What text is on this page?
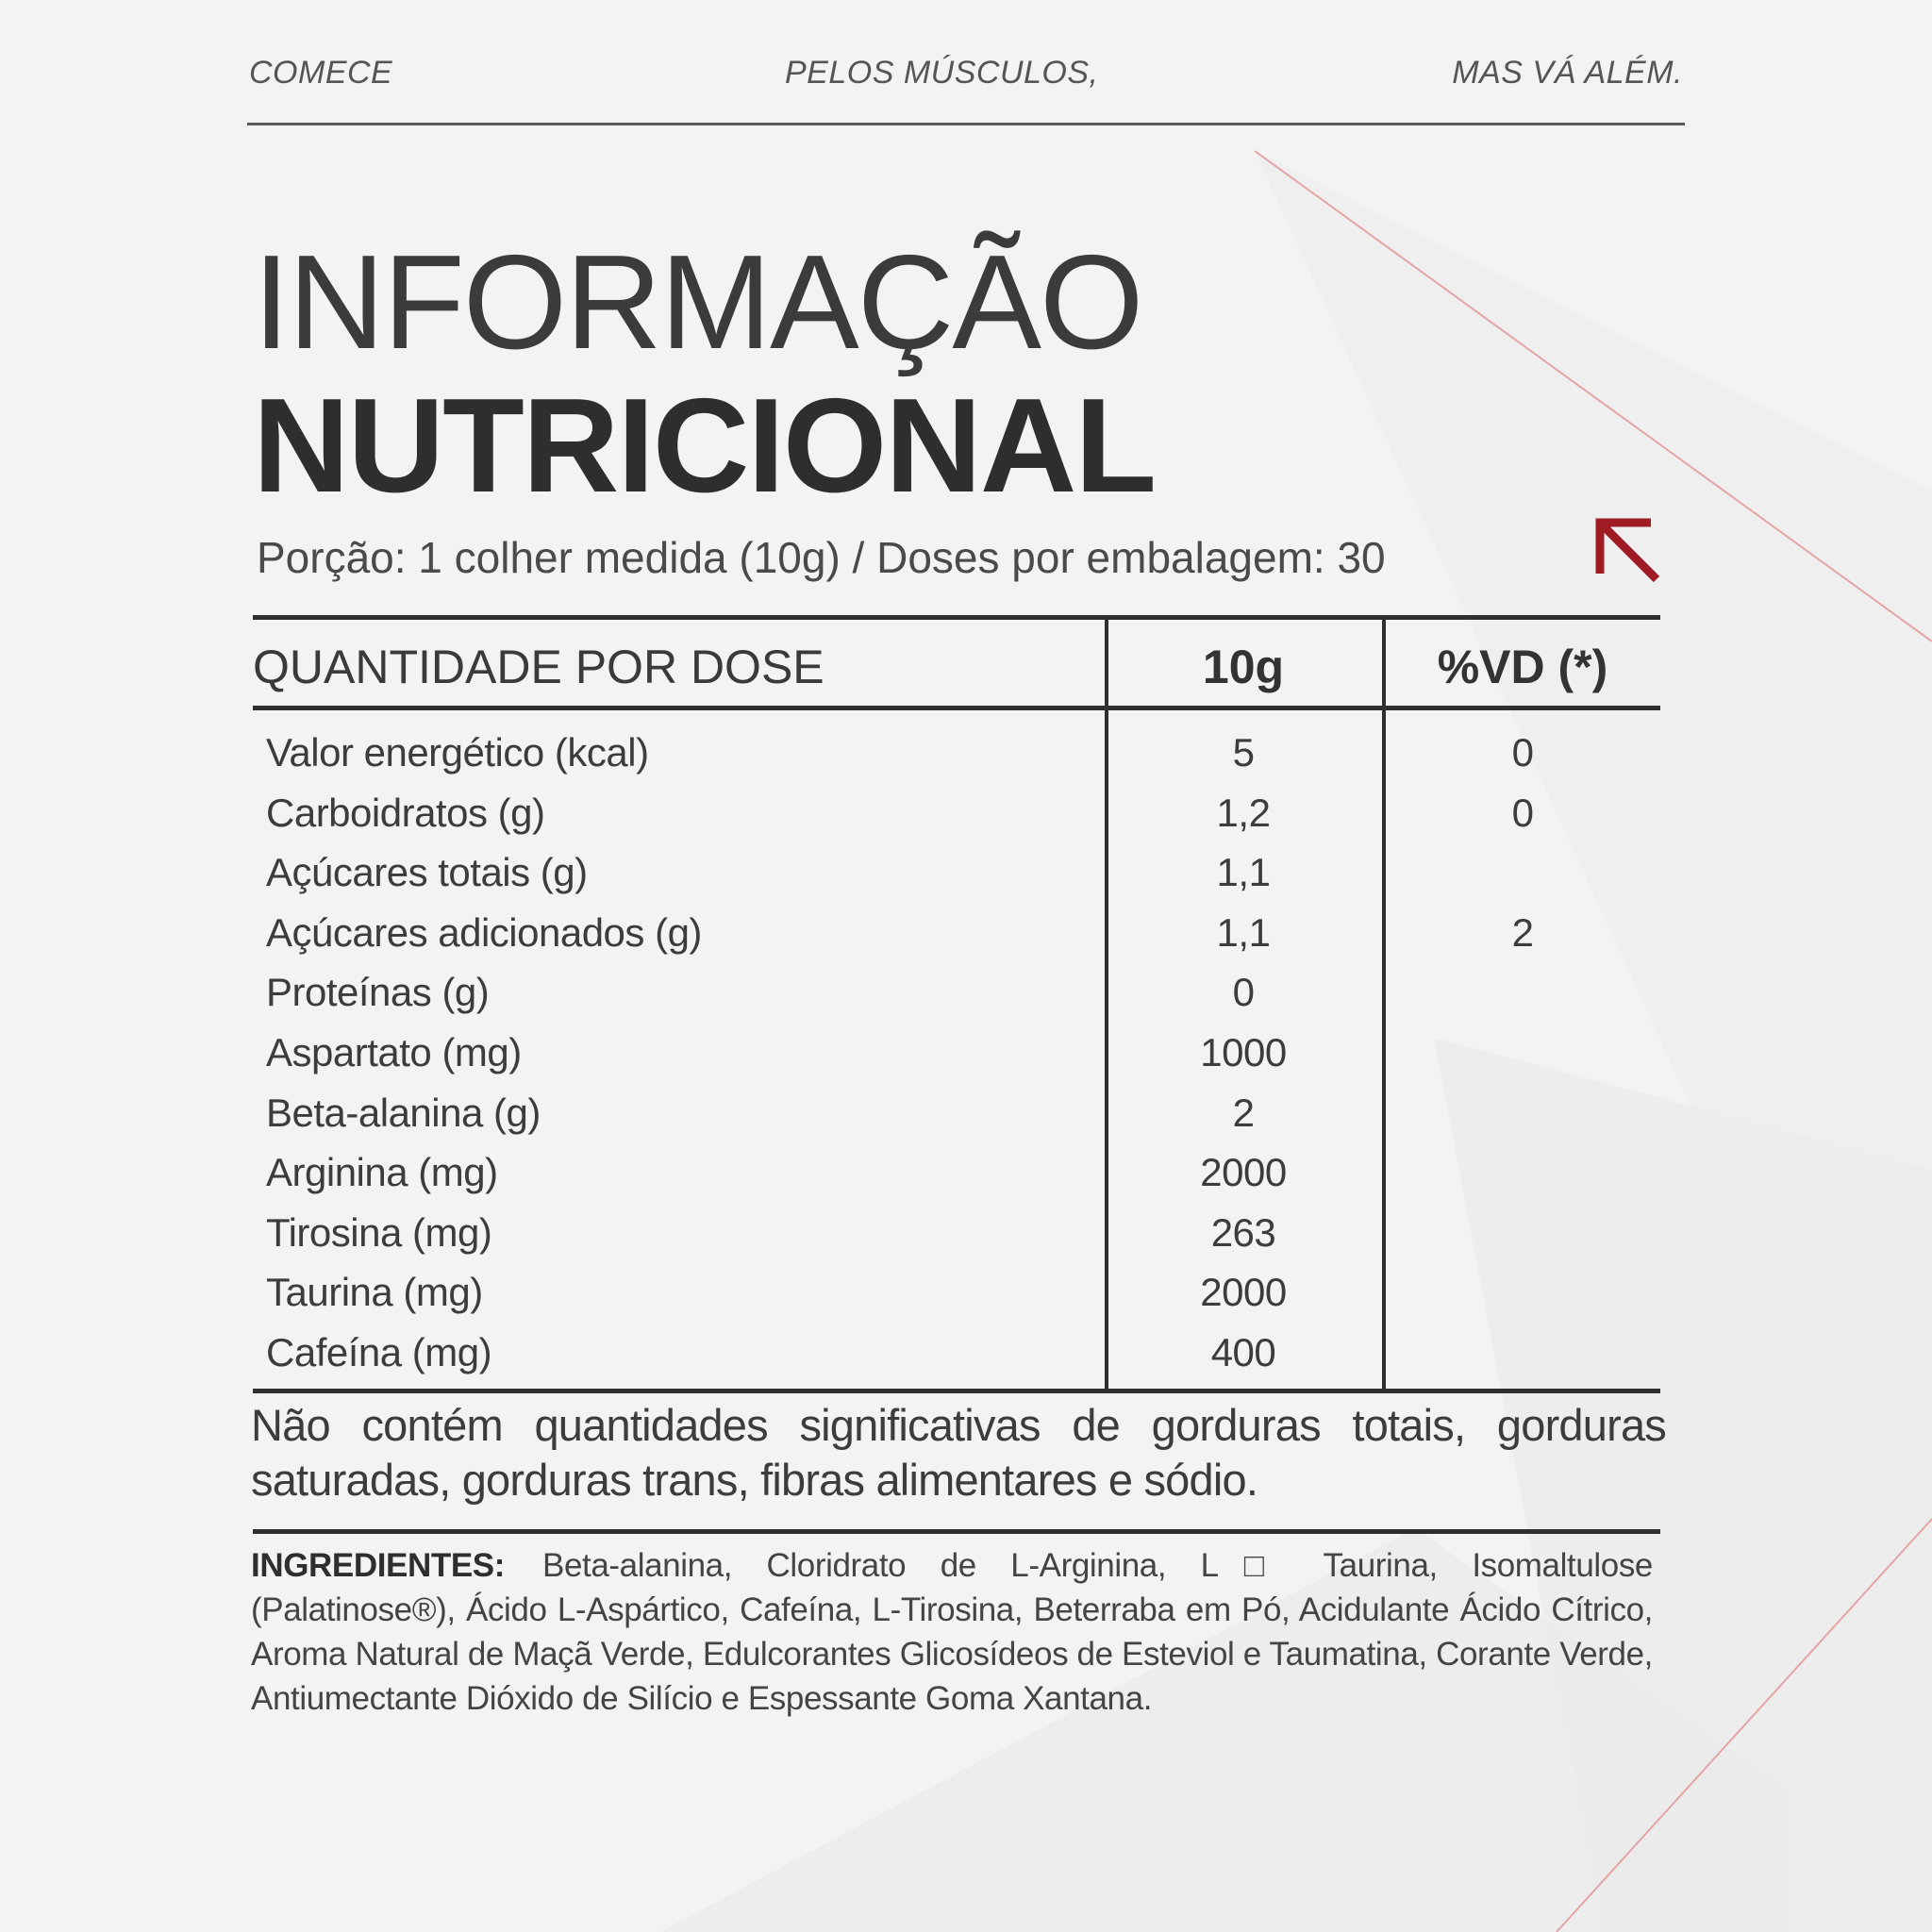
COMECE	PELOS MÚSCULOS,	MAS VÁ ALÉM.
INFORMAÇÃO
NUTRICIONAL
Porção: 1 colher medida (10g) / Doses por embalagem: 30
QUANTIDADE POR DOSE	10g	%VD (*)
Valor energético (kcal)	5	0
Carboidratos (g)	1,2	0
Açúcares totais (g)	1,1
Açúcares adicionados (g)	1,1	2
Proteínas (g)	0
Aspartato (mg)	1000
Beta-alanina (g)	2
Arginina (mg)	2000
Tirosina (mg)	263
Taurina (mg)	2000
Cafeína (mg)	400
Não contém quantidades significativas de gorduras totais, gorduras saturadas, gorduras trans, fibras alimentares e sódio.
INGREDIENTES: Beta-alanina, Cloridrato de L-Arginina, L□ Taurina, Isomaltulose (Palatinose®), Ácido L-Aspártico, Cafeína, L-Tirosina, Beterraba em Pó, Acidulante Ácido Cítrico, Aroma Natural de Maçã Verde, Edulcorantes Glicosídeos de Esteviol e Taumatina, Corante Verde, Antiumectante Dióxido de Silício e Espessante Goma Xantana.
